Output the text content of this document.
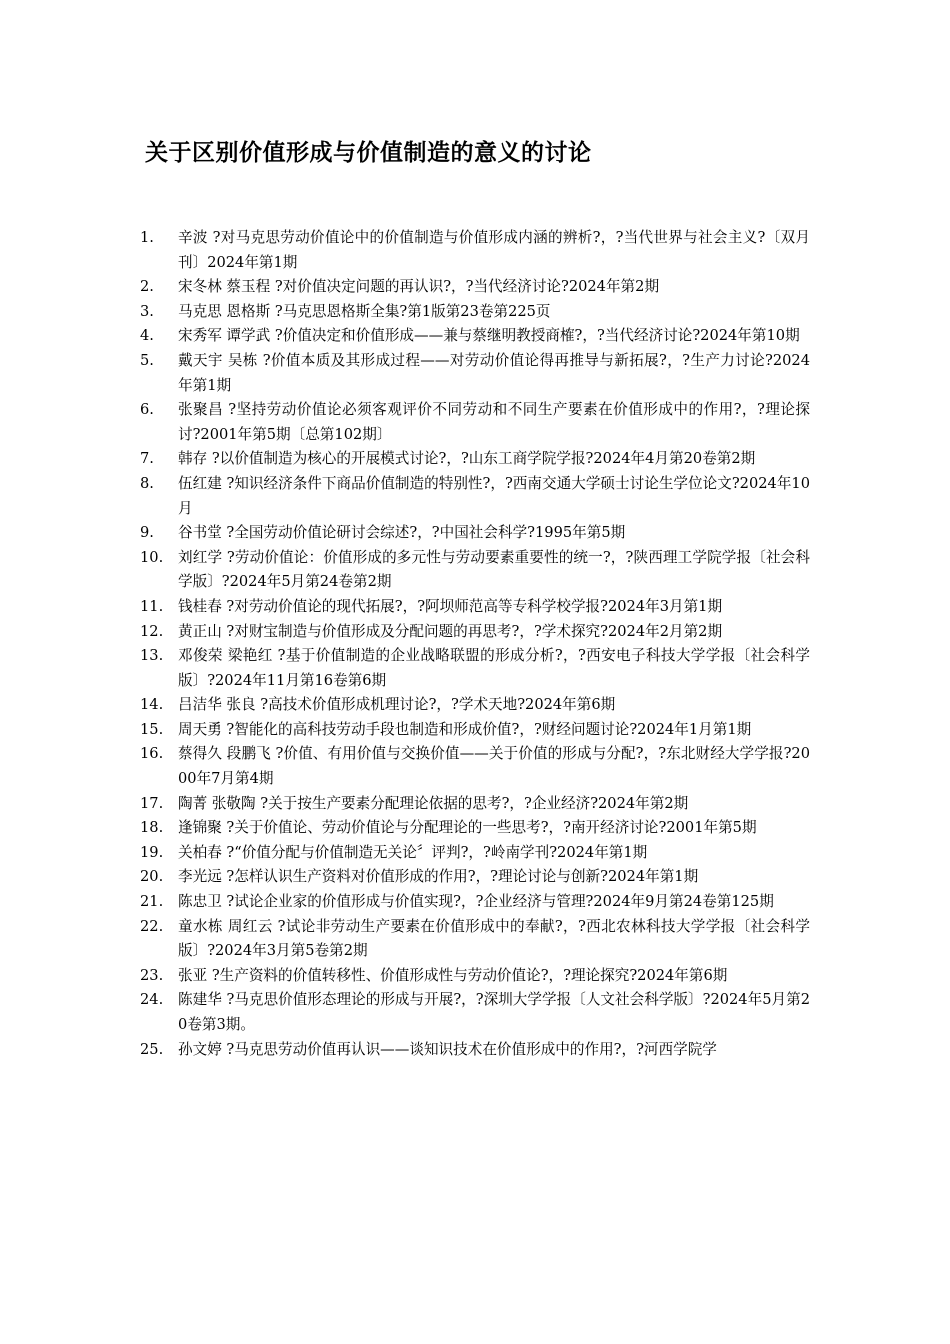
关于区别价值形成与价值制造的意义的讨论
1.	辛波 ?对马克思劳动价值论中的价值制造与价值形成内涵的辨析?，?当代世界与社会主义?〔双月刊〕2024年第1期
2.	宋冬林 蔡玉程 ?对价值决定问题的再认识?，?当代经济讨论?2024年第2期
3.	马克思 恩格斯 ?马克思恩格斯全集?第1版第23卷第225页
4.	宋秀军 谭学武 ?价值决定和价值形成——兼与蔡继明教授商榷?，?当代经济讨论?2024年第10期
5.	戴天宇 吴栋 ?价值本质及其形成过程——对劳动价值论得再推导与新拓展?，?生产力讨论?2024年第1期
6.	张聚昌 ?坚持劳动价值论必须客观评价不同劳动和不同生产要素在价值形成中的作用?，?理论探讨?2001年第5期〔总第102期〕
7.	韩存 ?以价值制造为核心的开展模式讨论?，?山东工商学院学报?2024年4月第20卷第2期
8.	伍红建 ?知识经济条件下商品价值制造的特别性?，?西南交通大学硕士讨论生学位论文?2024年10月
9.	谷书堂 ?全国劳动价值论研讨会综述?，?中国社会科学?1995年第5期
10.	刘红学 ?劳动价值论：价值形成的多元性与劳动要素重要性的统一?，?陕西理工学院学报〔社会科学版〕?2024年5月第24卷第2期
11.	钱桂春 ?对劳动价值论的现代拓展?，?阿坝师范高等专科学校学报?2024年3月第1期
12.	黄正山 ?对财宝制造与价值形成及分配问题的再思考?，?学术探究?2024年2月第2期
13.	邓俊荣 梁艳红 ?基于价值制造的企业战略联盟的形成分析?，?西安电子科技大学学报〔社会科学版〕?2024年11月第16卷第6期
14.	吕洁华 张良 ?高技术价值形成机理讨论?，?学术天地?2024年第6期
15.	周天勇 ?智能化的高科技劳动手段也制造和形成价值?，?财经问题讨论?2024年1月第1期
16.	蔡得久 段鹏飞 ?价值、有用价值与交换价值——关于价值的形成与分配?，?东北财经大学学报?2000年7月第4期
17.	陶菁 张敬陶 ?关于按生产要素分配理论依据的思考?，?企业经济?2024年第2期
18.	逢锦聚 ?关于价值论、劳动价值论与分配理论的一些思考?，?南开经济讨论?2001年第5期
19.	关柏春 ?“价值分配与价值制造无关论〞评判?，?岭南学刊?2024年第1期
20.	李光远 ?怎样认识生产资料对价值形成的作用?，?理论讨论与创新?2024年第1期
21.	陈忠卫 ?试论企业家的价值形成与价值实现?，?企业经济与管理?2024年9月第24卷第125期
22.	童水栋 周红云 ?试论非劳动生产要素在价值形成中的奉献?，?西北农林科技大学学报〔社会科学版〕?2024年3月第5卷第2期
23.	张亚 ?生产资料的价值转移性、价值形成性与劳动价值论?，?理论探究?2024年第6期
24.	陈建华 ?马克思价值形态理论的形成与开展?，?深圳大学学报〔人文社会科学版〕?2024年5月第20卷第3期。
25.	孙文婷 ?马克思劳动价值再认识——谈知识技术在价值形成中的作用?，?河西学院学
